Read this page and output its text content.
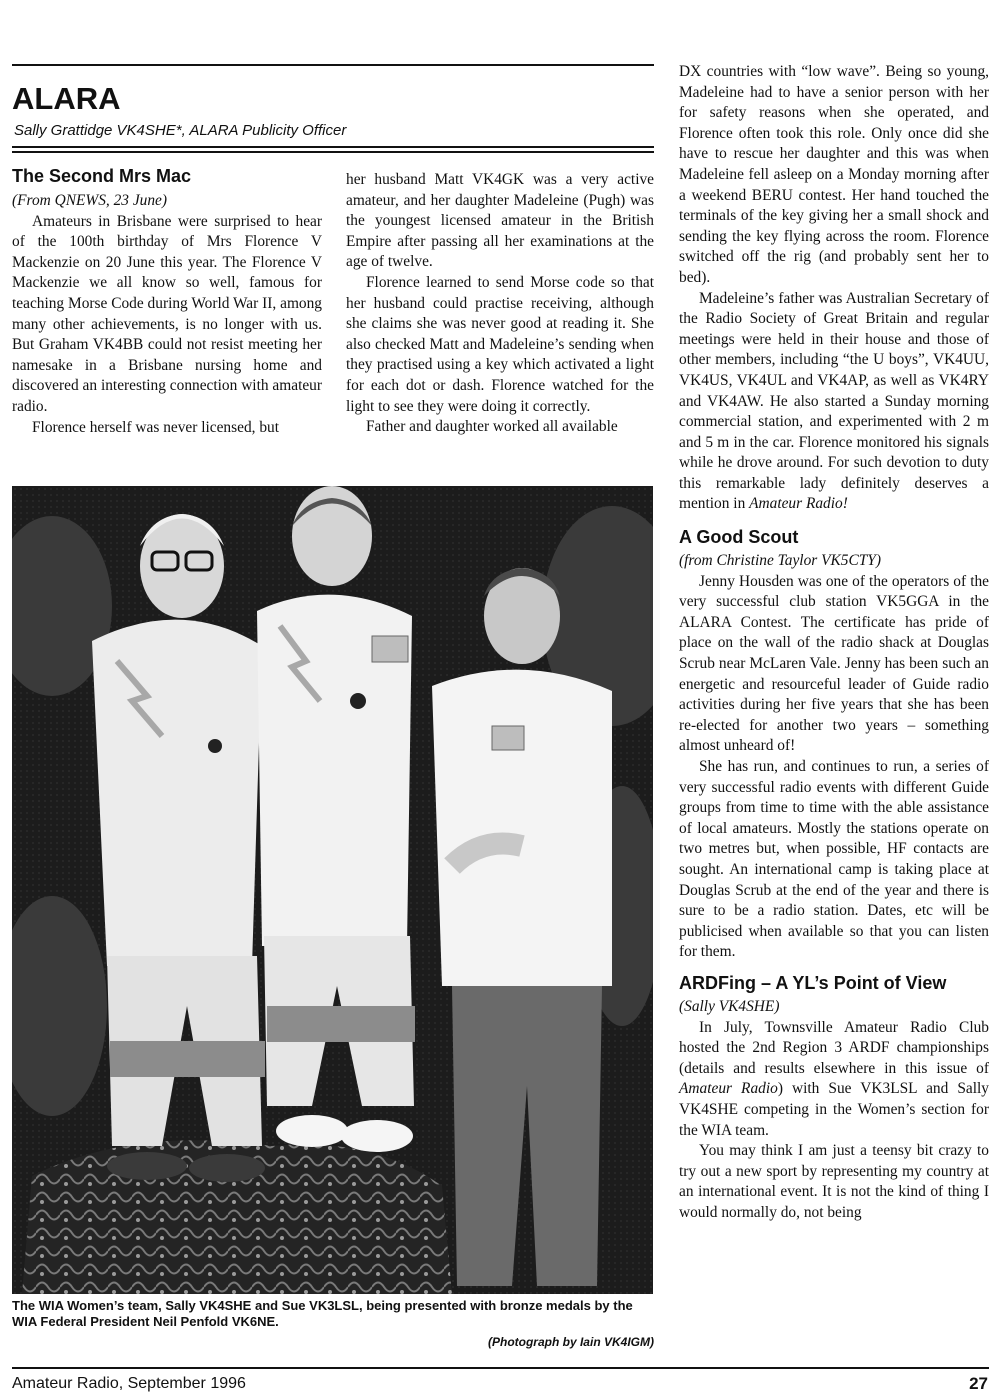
ALARA
Sally Grattidge VK4SHE*, ALARA Publicity Officer
The Second Mrs Mac

(From QNEWS, 23 June)

Amateurs in Brisbane were surprised to hear of the 100th birthday of Mrs Florence V Mackenzie on 20 June this year. The Florence V Mackenzie we all know so well, famous for teaching Morse Code during World War II, among many other achievements, is no longer with us. But Graham VK4BB could not resist meeting her namesake in a Brisbane nursing home and discovered an interesting connection with amateur radio.

Florence herself was never licensed, but

her husband Matt VK4GK was a very active amateur, and her daughter Madeleine (Pugh) was the youngest licensed amateur in the British Empire after passing all her examinations at the age of twelve.

Florence learned to send Morse code so that her husband could practise receiving, although she claims she was never good at reading it. She also checked Matt and Madeleine’s sending when they practised using a key which activated a light for each dot or dash. Florence watched for the light to see they were doing it correctly.

Father and daughter worked all available

DX countries with “low wave”. Being so young, Madeleine had to have a senior person with her for safety reasons when she operated, and Florence often took this role. Only once did she have to rescue her daughter and this was when Madeleine fell asleep on a Monday morning after a weekend BERU contest. Her hand touched the terminals of the key giving her a small shock and sending the key flying across the room. Florence switched off the rig (and probably sent her to bed).

Madeleine’s father was Australian Secretary of the Radio Society of Great Britain and regular meetings were held in their house and those of other members, including “the U boys”, VK4UU, VK4US, VK4UL and VK4AP, as well as VK4RY and VK4AW. He also started a Sunday morning commercial station, and experimented with 2 m and 5 m in the car. Florence monitored his signals while he drove around. For such devotion to duty this remarkable lady definitely deserves a mention in Amateur Radio!

A Good Scout

(from Christine Taylor VK5CTY)

Jenny Housden was one of the operators of the very successful club station VK5GGA in the ALARA Contest. The certificate has pride of place on the wall of the radio shack at Douglas Scrub near McLaren Vale. Jenny has been such an energetic and resourceful leader of Guide radio activities during her five years that she has been re-elected for another two years – something almost unheard of!

She has run, and continues to run, a series of very successful radio events with different Guide groups from time to time with the able assistance of local amateurs. Mostly the stations operate on two metres but, when possible, HF contacts are sought. An international camp is taking place at Douglas Scrub at the end of the year and there is sure to be a radio station. Dates, etc will be publicised when available so that you can listen for them.

ARDFing – A YL’s Point of View

(Sally VK4SHE)

In July, Townsville Amateur Radio Club hosted the 2nd Region 3 ARDF championships (details and results elsewhere in this issue of Amateur Radio) with Sue VK3LSL and Sally VK4SHE competing in the Women’s section for the WIA team.

You may think I am just a teensy bit crazy to try out a new sport by representing my country at an international event. It is not the kind of thing I would normally do, not being

The WIA Women’s team, Sally VK4SHE and Sue VK3LSL, being presented with bronze medals by the WIA Federal President Neil Penfold VK6NE.
(Photograph by Iain VK4IGM)
Amateur Radio, September 1996	27
